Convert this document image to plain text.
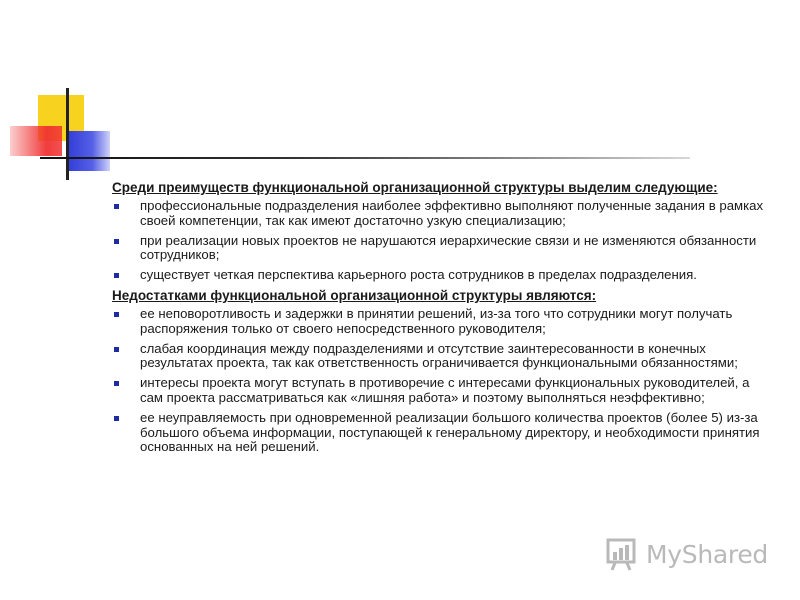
Среди преимуществ функциональной организационной структуры выделим следующие:

профессиональные подразделения наиболее эффективно выполняют полученные задания в рамках своей компетенции, так как имеют достаточно узкую специализацию;
при реализации новых проектов не нарушаются иерархические связи и не изменяются обязанности сотрудников;
существует четкая перспектива карьерного роста сотрудников в пределах подразделения.

Недостатками функциональной организационной структуры являются:

ее неповоротливость и задержки в принятии решений, из-за того что сотрудники могут получать распоряжения только от своего непосредственного руководителя;
слабая координация между подразделениями и отсутствие заинтересованности в конечных результатах проекта, так как ответственность ограничивается функциональными обязанностями;
интересы проекта могут вступать в противоречие с интересами функциональных руководителей, а сам проекта рассматриваться как «лишняя работа» и поэтому выполняться неэффективно;
ее неуправляемость при одновременной реализации большого количества проектов (более 5) из-за большого объема информации, поступающей к генеральному директору, и необходимости принятия основанных на ней решений.
MyShared
